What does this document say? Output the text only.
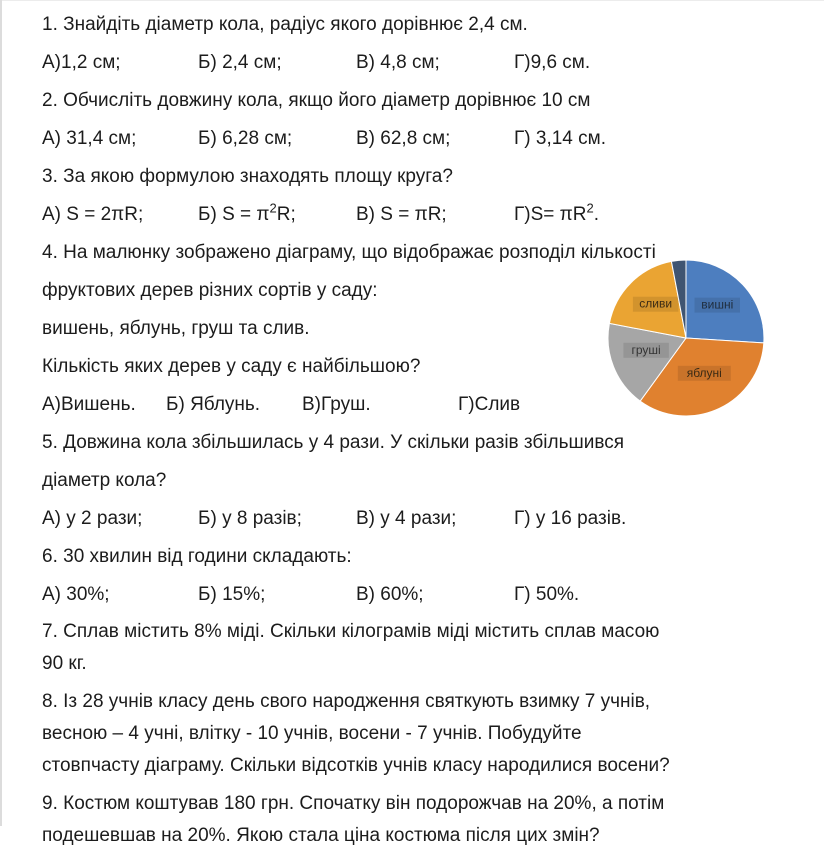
1. Знайдіть діаметр кола, радіус якого дорівнює 2,4 см.
А)1,2 см;	Б) 2,4 см;	В) 4,8 см;	Г)9,6 см.
2. Обчисліть довжину кола, якщо його діаметр дорівнює 10 см
А) 31,4 см;	Б) 6,28 см;	В) 62,8 см;	Г) 3,14 см.
3. За якою формулою знаходять площу круга?
А) S = 2πR;	Б) $S = \pi^2R$;	В) S = πR;	$Г)S= \pi R^2$.
4. На малюнку зображено діаграму, що відображає розподіл кількості
фруктових дерев різних сортів у саду:
вишень, яблунь, груш та слив.
Кількість яких дерев у саду є найбільшою?
А)Вишень.	Б) Яблунь.	В)Груш.	Г)Слив
5. Довжина кола збільшилась у 4 рази. У скільки разів збільшився
діаметр кола?
А) у 2 рази;	Б) у 8 разів;	В) у 4 рази;	Г) у 16 разів.
6. 30 хвилин від години складають:
А) 30%;	Б) 15%;	В) 60%;	Г) 50%.
7. Сплав містить 8% міді. Скільки кілограмів міді містить сплав масою
90 кг.
8. Із 28 учнів класу день свого народження святкують взимку 7 учнів,
весною – 4 учні, влітку - 10 учнів, восени - 7 учнів. Побудуйте
стовпчасту діаграму. Скільки відсотків учнів класу народилися восени?
9. Костюм коштував 180 грн. Спочатку він подорожчав на 20%, а потім
подешевшав на 20%. Якою стала ціна костюма після цих змін?
вишні
яблуні
груші
сливи
